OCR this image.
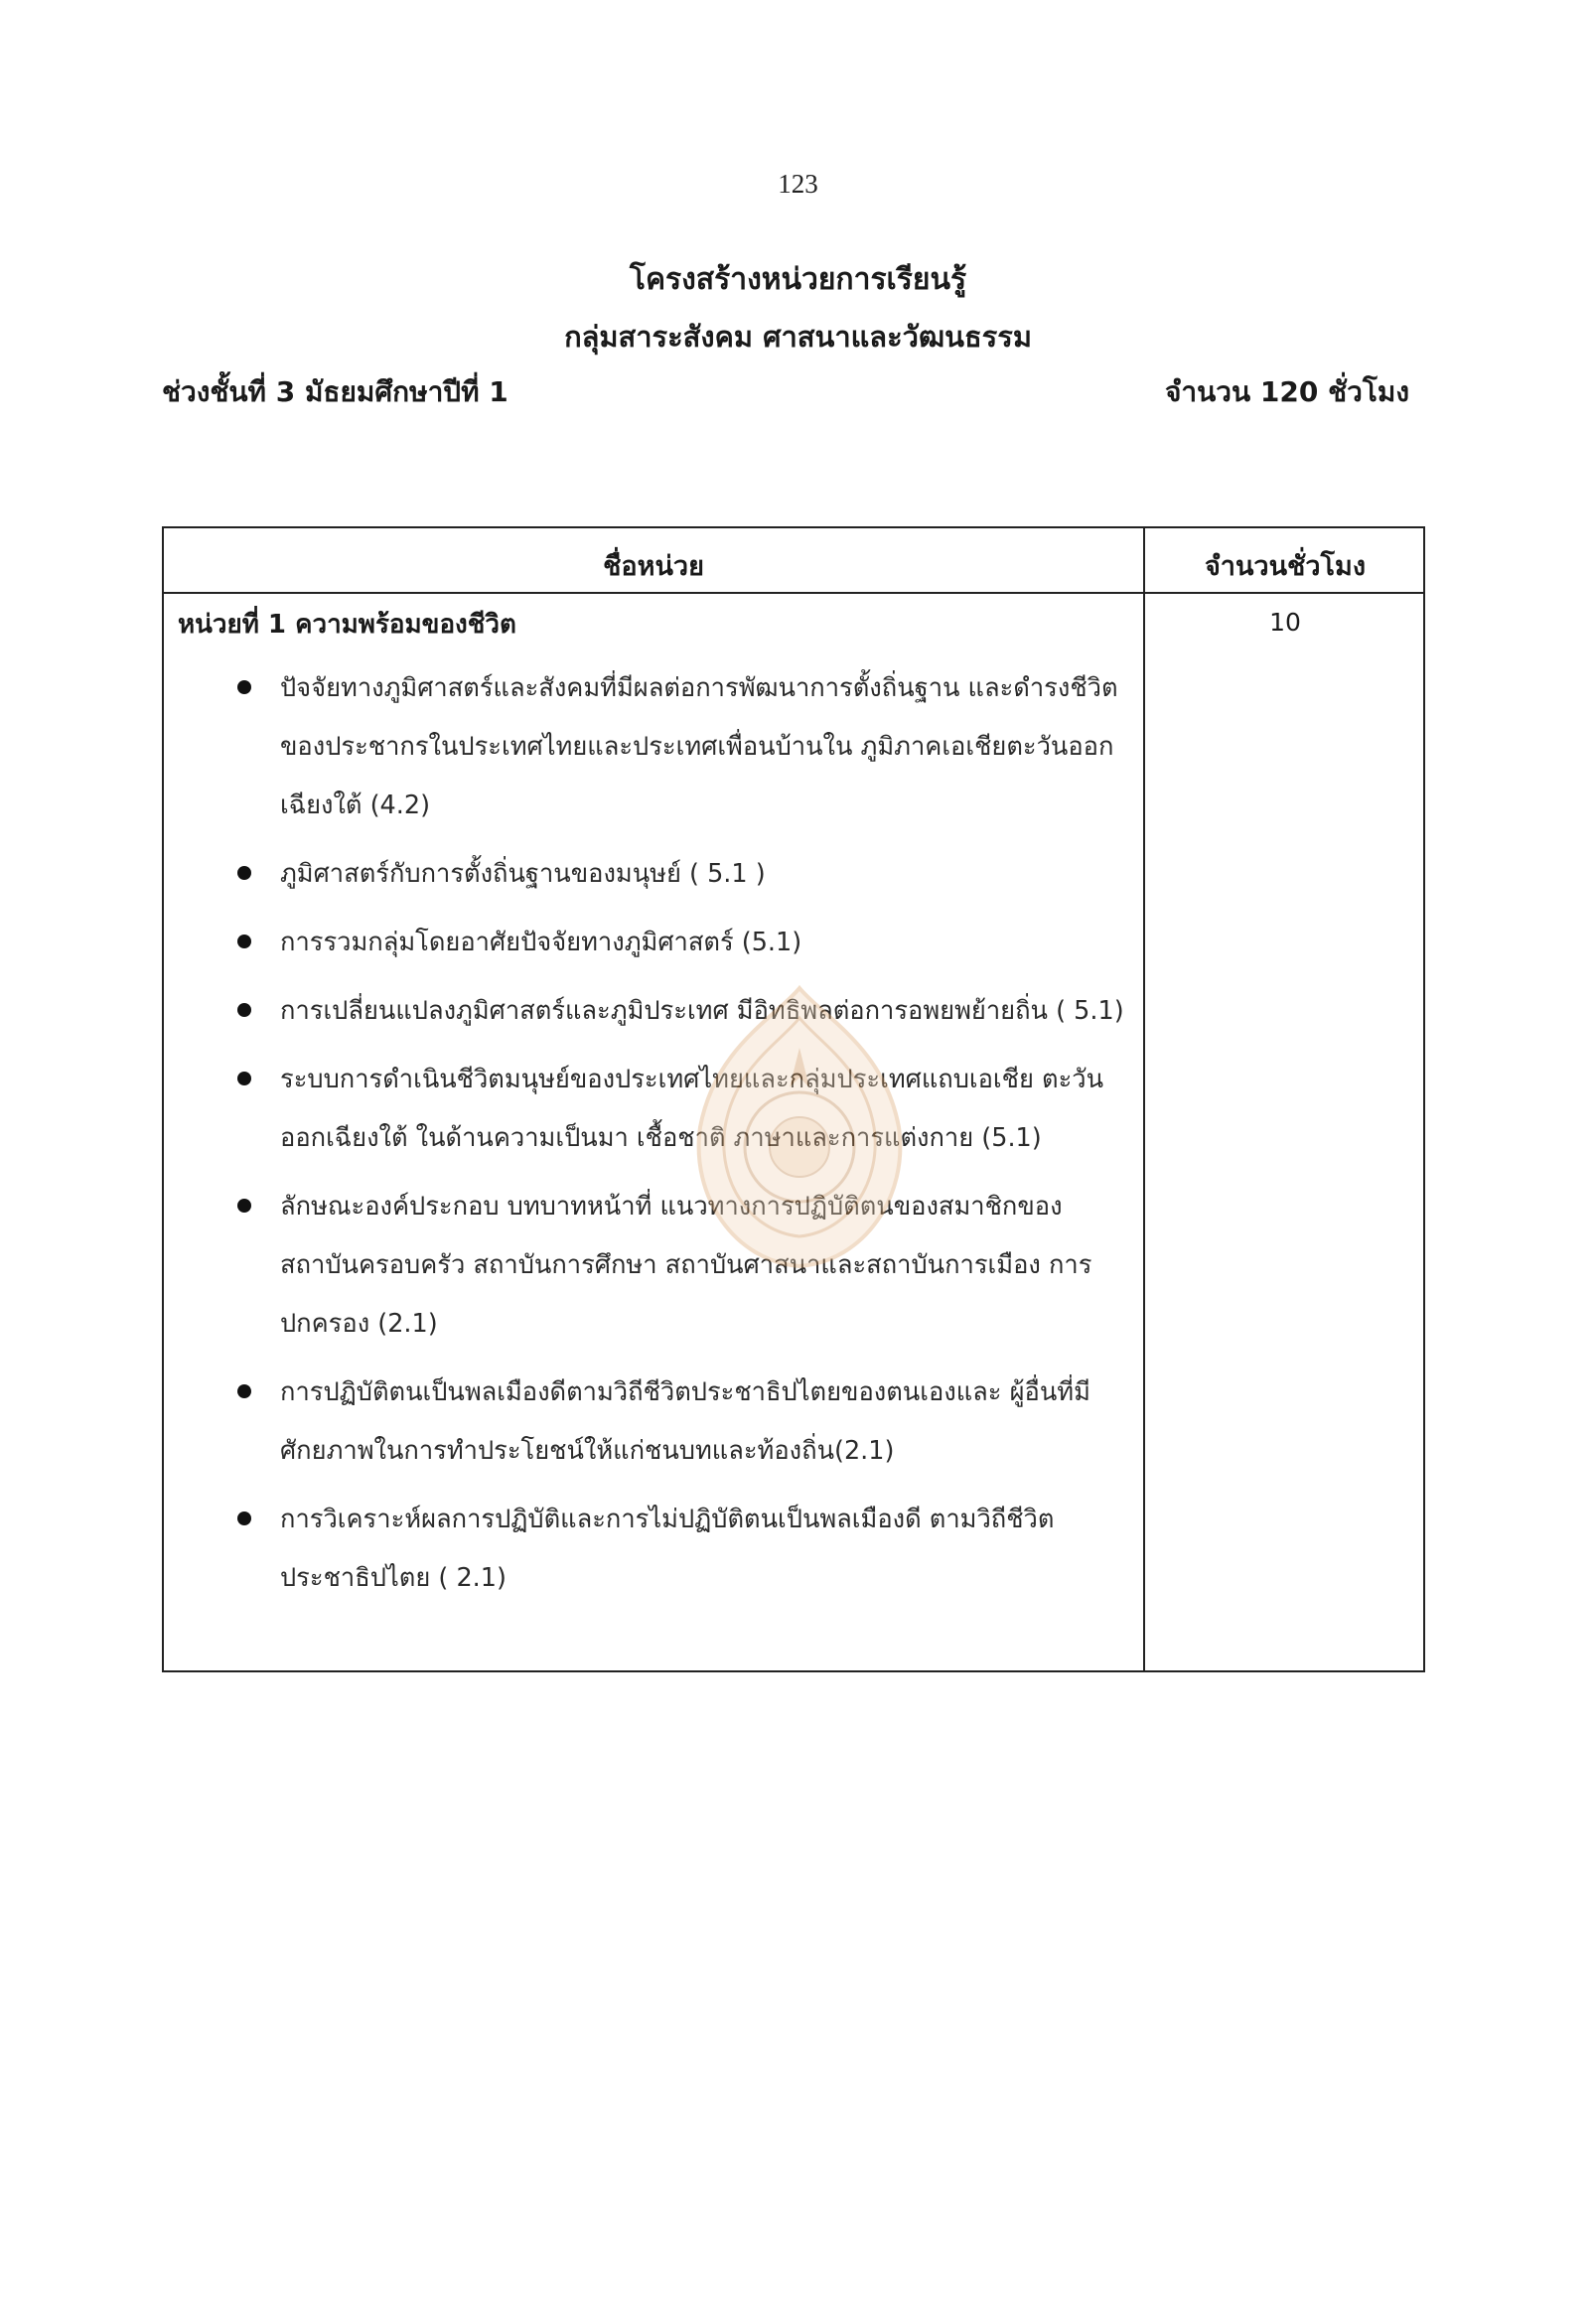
123
โครงสร้างหน่วยการเรียนรู้
กลุ่มสาระสังคม ศาสนาและวัฒนธรรม
ช่วงชั้นที่ 3 มัธยมศึกษาปีที่ 1	จำนวน 120 ชั่วโมง
ชื่อหน่วย	จำนวนชั่วโมง
หน่วยที่ 1 ความพร้อมของชีวิต	10
ปัจจัยทางภูมิศาสตร์และสังคมที่มีผลต่อการพัฒนาการตั้งถิ่นฐาน และดำรงชีวิตของประชากรในประเทศไทยและประเทศเพื่อนบ้านใน ภูมิภาคเอเชียตะวันออกเฉียงใต้ (4.2)
ภูมิศาสตร์กับการตั้งถิ่นฐานของมนุษย์ ( 5.1 )
การรวมกลุ่มโดยอาศัยปัจจัยทางภูมิศาสตร์ (5.1)
การเปลี่ยนแปลงภูมิศาสตร์และภูมิประเทศ มีอิทธิพลต่อการอพยพย้ายถิ่น ( 5.1)
ระบบการดำเนินชีวิตมนุษย์ของประเทศไทยและกลุ่มประเทศแถบเอเชีย ตะวันออกเฉียงใต้ ในด้านความเป็นมา เชื้อชาติ ภาษาและการแต่งกาย (5.1)
ลักษณะองค์ประกอบ บทบาทหน้าที่ แนวทางการปฏิบัติตนของสมาชิกของ สถาบันครอบครัว สถาบันการศึกษา สถาบันศาสนาและสถาบันการเมือง การปกครอง (2.1)
การปฏิบัติตนเป็นพลเมืองดีตามวิถีชีวิตประชาธิปไตยของตนเองและ ผู้อื่นที่มีศักยภาพในการทำประโยชน์ให้แก่ชนบทและท้องถิ่น(2.1)
การวิเคราะห์ผลการปฏิบัติและการไม่ปฏิบัติตนเป็นพลเมืองดี ตามวิถีชีวิตประชาธิปไตย ( 2.1)
